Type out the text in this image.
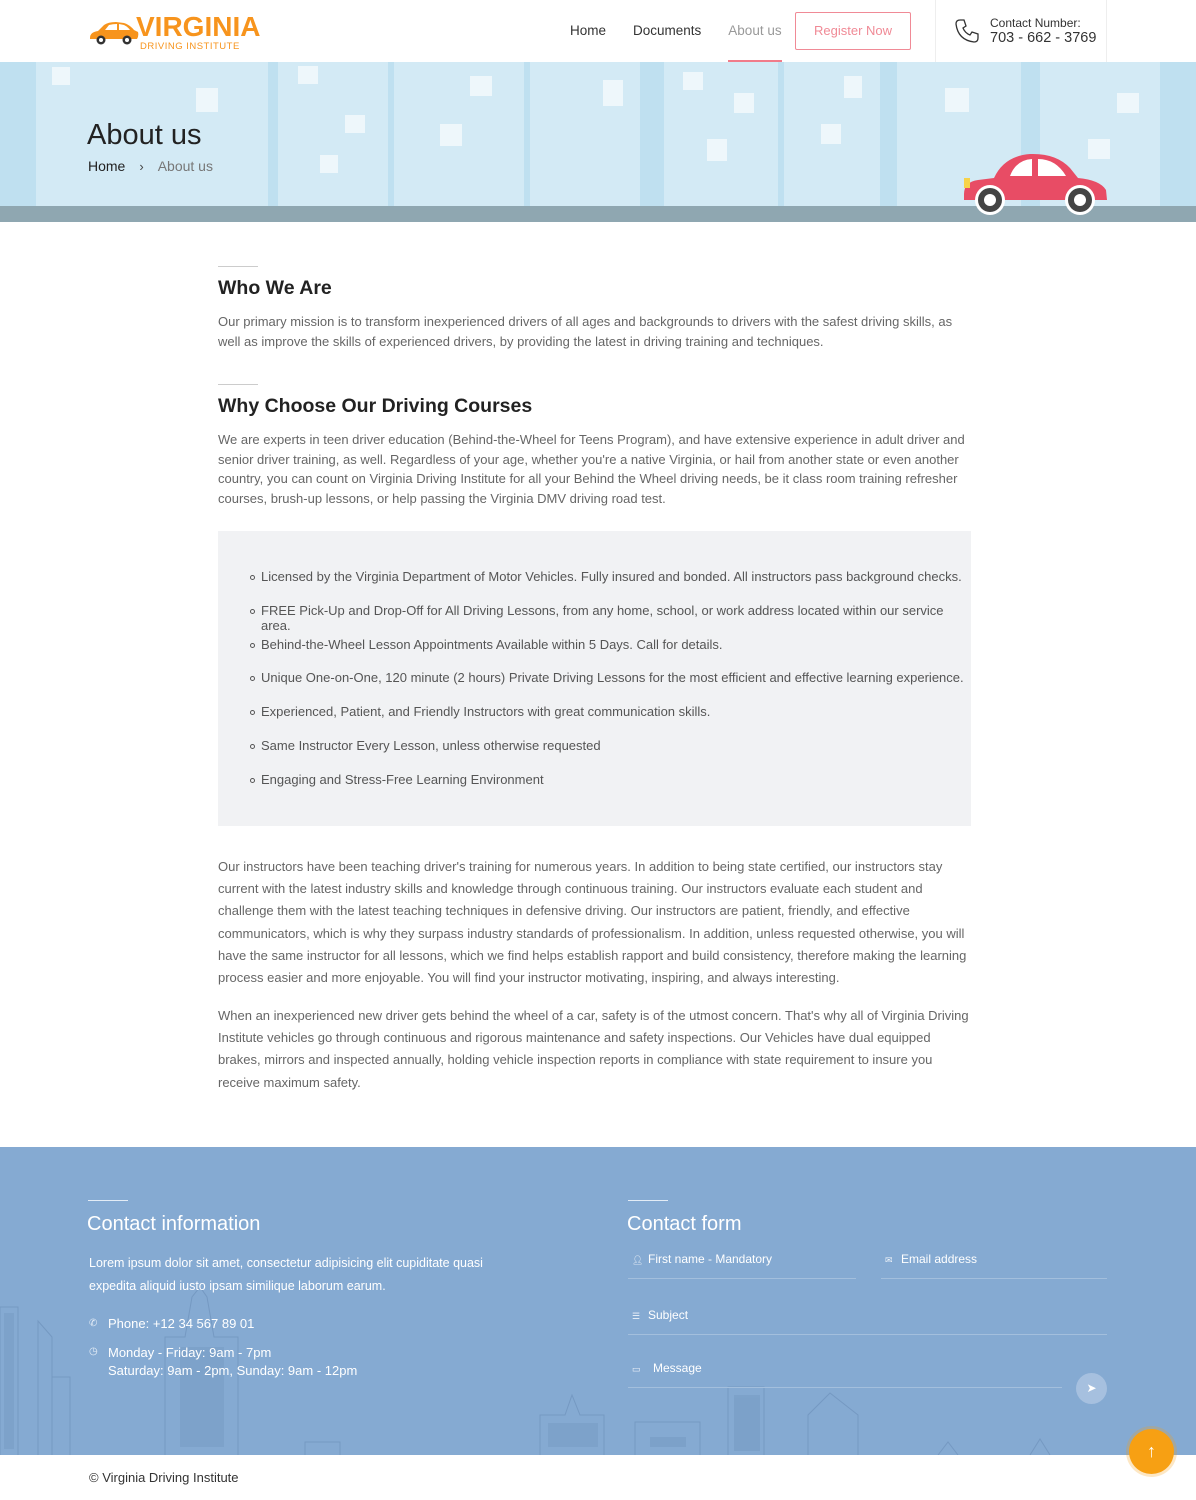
VIRGINIA
DRIVING INSTITUTE
Home Documents About us	Register Now	Contact Number:
703 - 662 - 3769
About us
Home › About us
Who We Are

Our primary mission is to transform inexperienced drivers of all ages and backgrounds to drivers with the safest driving skills, as well as improve the skills of experienced drivers, by providing the latest in driving training and techniques.

Why Choose Our Driving Courses

We are experts in teen driver education (Behind-the-Wheel for Teens Program), and have extensive experience in adult driver and senior driver training, as well. Regardless of your age, whether you're a native Virginia, or hail from another state or even another country, you can count on Virginia Driving Institute for all your Behind the Wheel driving needs, be it class room training refresher courses, brush-up lessons, or help passing the Virginia DMV driving road test.

Licensed by the Virginia Department of Motor Vehicles. Fully insured and bonded. All instructors pass background checks.
FREE Pick-Up and Drop-Off for All Driving Lessons, from any home, school, or work address located within our service area.
Behind-the-Wheel Lesson Appointments Available within 5 Days. Call for details.
Unique One-on-One, 120 minute (2 hours) Private Driving Lessons for the most efficient and effective learning experience.
Experienced, Patient, and Friendly Instructors with great communication skills.
Same Instructor Every Lesson, unless otherwise requested
Engaging and Stress-Free Learning Environment

Our instructors have been teaching driver's training for numerous years. In addition to being state certified, our instructors stay current with the latest industry skills and knowledge through continuous training. Our instructors evaluate each student and challenge them with the latest teaching techniques in defensive driving. Our instructors are patient, friendly, and effective communicators, which is why they surpass industry standards of professionalism. In addition, unless requested otherwise, you will have the same instructor for all lessons, which we find helps establish rapport and build consistency, therefore making the learning process easier and more enjoyable. You will find your instructor motivating, inspiring, and always interesting.

When an inexperienced new driver gets behind the wheel of a car, safety is of the utmost concern. That's why all of Virginia Driving Institute vehicles go through continuous and rigorous maintenance and safety inspections. Our Vehicles have dual equipped brakes, mirrors and inspected annually, holding vehicle inspection reports in compliance with state requirement to insure you receive maximum safety.

Contact information
Lorem ipsum dolor sit amet, consectetur adipisicing elit cupiditate quasi expedita aliquid iusto ipsam similique laborum earum.
✆ Phone: +12 34 567 89 01
◷ Monday - Friday: 9am - 7pm
Saturday: 9am - 2pm, Sunday: 9am - 12pm
Contact form
👤︎ First name - Mandatory	✉ Email address
☰ Subject
▭ Message
➤
© Virginia Driving Institute
↑
